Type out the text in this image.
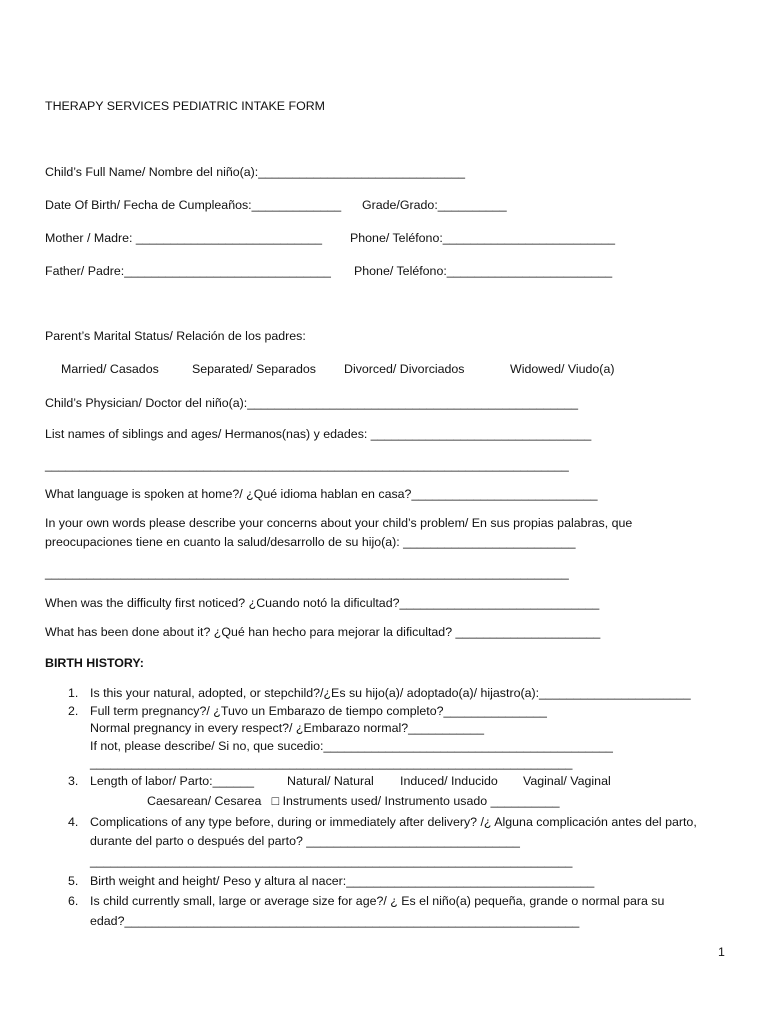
THERAPY SERVICES PEDIATRIC INTAKE FORM
Child’s Full Name/ Nombre del niño(a):______________________________
Date Of Birth/ Fecha de Cumpleaños:_____________ Grade/Grado:__________
Mother / Madre: ___________________________ Phone/ Teléfono:_________________________
Father/ Padre:______________________________ Phone/ Teléfono:________________________
Parent’s Marital Status/ Relación de los padres:
Married/ Casados	Separated/ Separados Divorced/ Divorciados	Widowed/ Viudo(a)
Child’s Physician/ Doctor del niño(a):________________________________________________
List names of siblings and ages/ Hermanos(nas) y edades: ________________________________
____________________________________________________________________________
What language is spoken at home?/ ¿Qué idioma hablan en casa?___________________________
In your own words please describe your concerns about your child’s problem/ En sus propias palabras, que
preocupaciones tiene en cuanto la salud/desarrollo de su hijo(a): _________________________
____________________________________________________________________________
When was the difficulty first noticed? ¿Cuando notó la dificultad?_____________________________
What has been done about it? ¿Qué han hecho para mejorar la dificultad? _____________________
BIRTH HISTORY:
1. Is this your natural, adopted, or stepchild?/¿Es su hijo(a)/ adoptado(a)/ hijastro(a):______________________
2. Full term pregnancy?/ ¿Tuvo un Embarazo de tiempo completo?_______________
Normal pregnancy in every respect?/ ¿Embarazo normal?___________
If not, please describe/ Si no, que sucedio:__________________________________________
______________________________________________________________________
3. Length of labor/ Parto:______	Natural/ Natural Induced/ Inducido Vaginal/ Vaginal
Caesarean/ Cesarea   □ Instruments used/ Instrumento usado __________
4. Complications of any type before, during or immediately after delivery? /¿ Alguna complicación antes del parto,
durante del parto o después del parto? _______________________________
______________________________________________________________________
5. Birth weight and height/ Peso y altura al nacer:____________________________________
6. Is child currently small, large or average size for age?/ ¿ Es el niño(a) pequeña, grande o normal para su
edad?__________________________________________________________________
1
